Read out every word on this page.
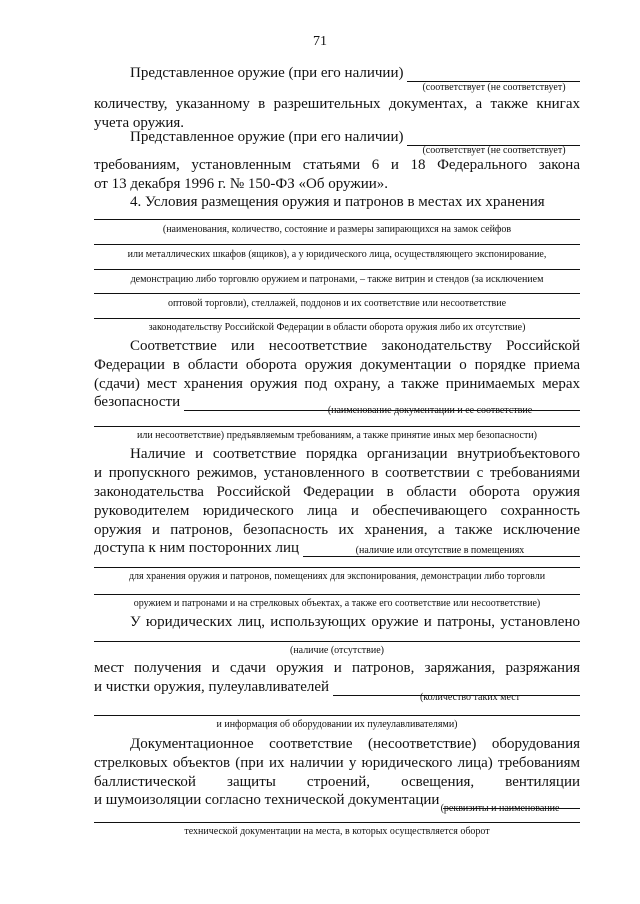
71
Представленное оружие (при его наличии)
(соответствует (не соответствует)
количеству, указанному в разрешительных документах, а также книгах
учета оружия.
Представленное оружие (при его наличии)
(соответствует (не соответствует)
требованиям, установленным статьями 6 и 18 Федерального закона
от 13 декабря 1996 г. № 150-ФЗ «Об оружии».
4. Условия размещения оружия и патронов в местах их хранения
(наименования, количество, состояние и размеры запирающихся на замок сейфов
или металлических шкафов (ящиков), а у юридического лица, осуществляющего экспонирование,
демонстрацию либо торговлю оружием и патронами, – также витрин и стендов (за исключением
оптовой торговли), стеллажей, поддонов и их соответствие или несоответствие
законодательству Российской Федерации в области оборота оружия либо их отсутствие)
Соответствие или несоответствие законодательству Российской
Федерации в области оборота оружия документации о порядке приема
(сдачи) мест хранения оружия под охрану, а также принимаемых мерах
безопасности
(наименование документации и ее соответствие
или несоответствие) предъявляемым требованиям, а также принятие иных мер безопасности)
Наличие и соответствие порядка организации внутриобъектового
и пропускного режимов, установленного в соответствии с требованиями
законодательства Российской Федерации в области оборота оружия
руководителем юридического лица и обеспечивающего сохранность
оружия и патронов, безопасность их хранения, а также исключение
доступа к ним посторонних лиц	(наличие или отсутствие в помещениях
для хранения оружия и патронов, помещениях для экспонирования, демонстрации либо торговли
оружием и патронами и на стрелковых объектах, а также его соответствие или несоответствие)
У юридических лиц, использующих оружие и патроны, установлено
(наличие (отсутствие)
мест получения и сдачи оружия и патронов, заряжания, разряжания
и чистки оружия, пулеулавливателей
(количество таких мест
и информация об оборудовании их пулеулавливателями)
Документационное соответствие (несоответствие) оборудования
стрелковых объектов (при их наличии у юридического лица) требованиям
баллистической защиты строений, освещения, вентиляции
и шумоизоляции согласно технической документации
(реквизиты и наименование
технической документации на места, в которых осуществляется оборот
